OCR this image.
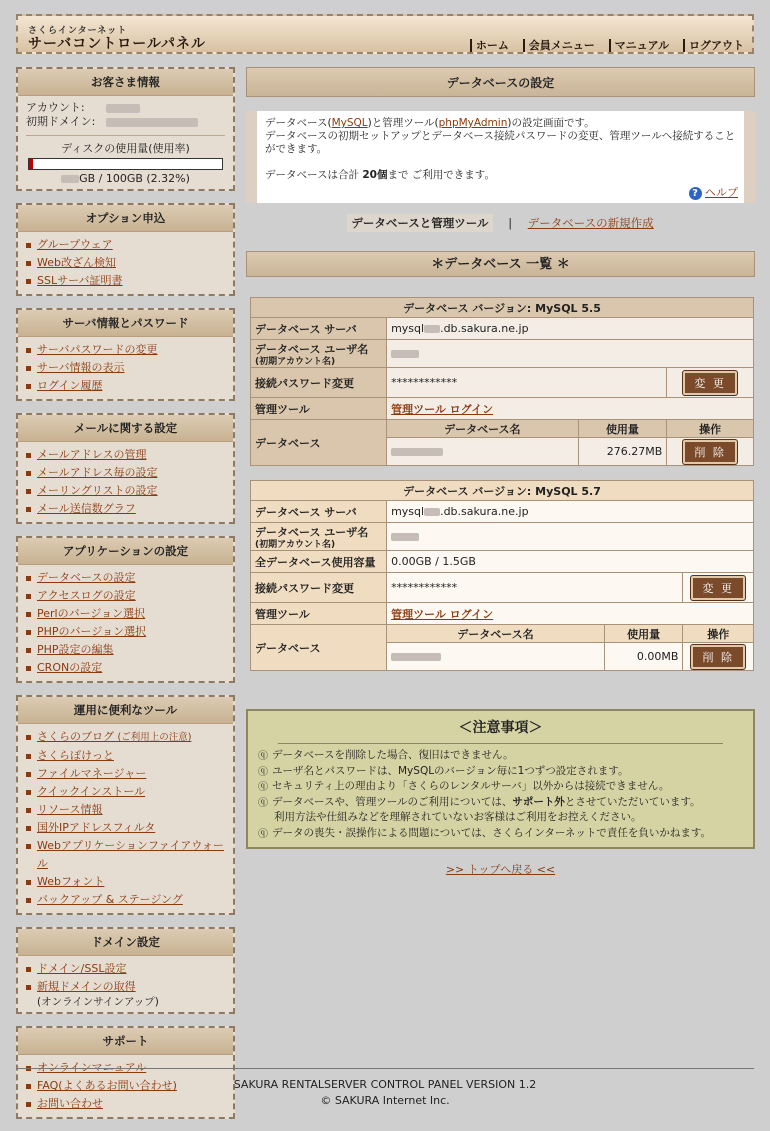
さくらインターネット
サーバコントロールパネル	ホーム 会員メニュー マニュアル ログアウト
お客さま情報
アカウント:
初期ドメイン:
ディスクの使用量(使用率)
GB / 100GB (2.32%)
オプション申込
グループウェア
Web改ざん検知
SSLサーバ証明書
サーバ情報とパスワード
サーバパスワードの変更
サーバ情報の表示
ログイン履歴
メールに関する設定
メールアドレスの管理
メールアドレス毎の設定
メーリングリストの設定
メール送信数グラフ
アプリケーションの設定
データベースの設定
アクセスログの設定
Perlのバージョン選択
PHPのバージョン選択
PHP設定の編集
CRONの設定
運用に便利なツール
さくらのブログ (ご利用上の注意)
さくらぽけっと
ファイルマネージャー
クイックインストール
リソース情報
国外IPアドレスフィルタ
Webアプリケーションファイアウォール
Webフォント
バックアップ & ステージング
ドメイン設定
ドメイン/SSL設定
新規ドメインの取得
(オンラインサインアップ)
サポート
オンラインマニュアル
FAQ(よくあるお問い合わせ)
お問い合わせ
データベースの設定
データベース(MySQL)と管理ツール(phpMyAdmin)の設定画面です。
データベースの初期セットアップとデータベース接続パスワードの変更、管理ツールへ接続することができます。
データベースは合計 20個まで ご利用できます。
? ヘルプ
データベースと管理ツール | データベースの新規作成
＊データベース 一覧 ＊
データベース バージョン: MySQL 5.5			
データベース サーバ	mysql .db.sakura.ne.jp		
データベース ユーザ名
(初期アカウント名)			

接続パスワード変更	************		変 更
管理ツール	管理ツール ログイン		
データベース	データベース名	使用量	操作
		276.27MB	削 除
データベース バージョン: MySQL 5.7			
データベース サーバ	mysql .db.sakura.ne.jp		
データベース ユーザ名
(初期アカウント名)			

全データベース使用容量	0.00GB / 1.5GB		
接続パスワード変更	************		変 更
管理ツール	管理ツール ログイン		
データベース	データベース名	使用量	操作
		0.00MB	削 除
＜注意事項＞
ⓠ データベースを削除した場合、復旧はできません。
ⓠ ユーザ名とパスワードは、MySQLのバージョン毎に1つずつ設定されます。
ⓠ セキュリティ上の理由より「さくらのレンタルサーバ」以外からは接続できません。
ⓠ データベースや、管理ツールのご利用については、サポート外とさせていただいています。
利用方法や仕組みなどを理解されていないお客様はご利用をお控えください。
ⓠ データの喪失・誤操作による問題については、さくらインターネットで責任を負いかねます。
>> トップへ戻る <<
SAKURA RENTALSERVER CONTROL PANEL VERSION 1.2
© SAKURA Internet Inc.
